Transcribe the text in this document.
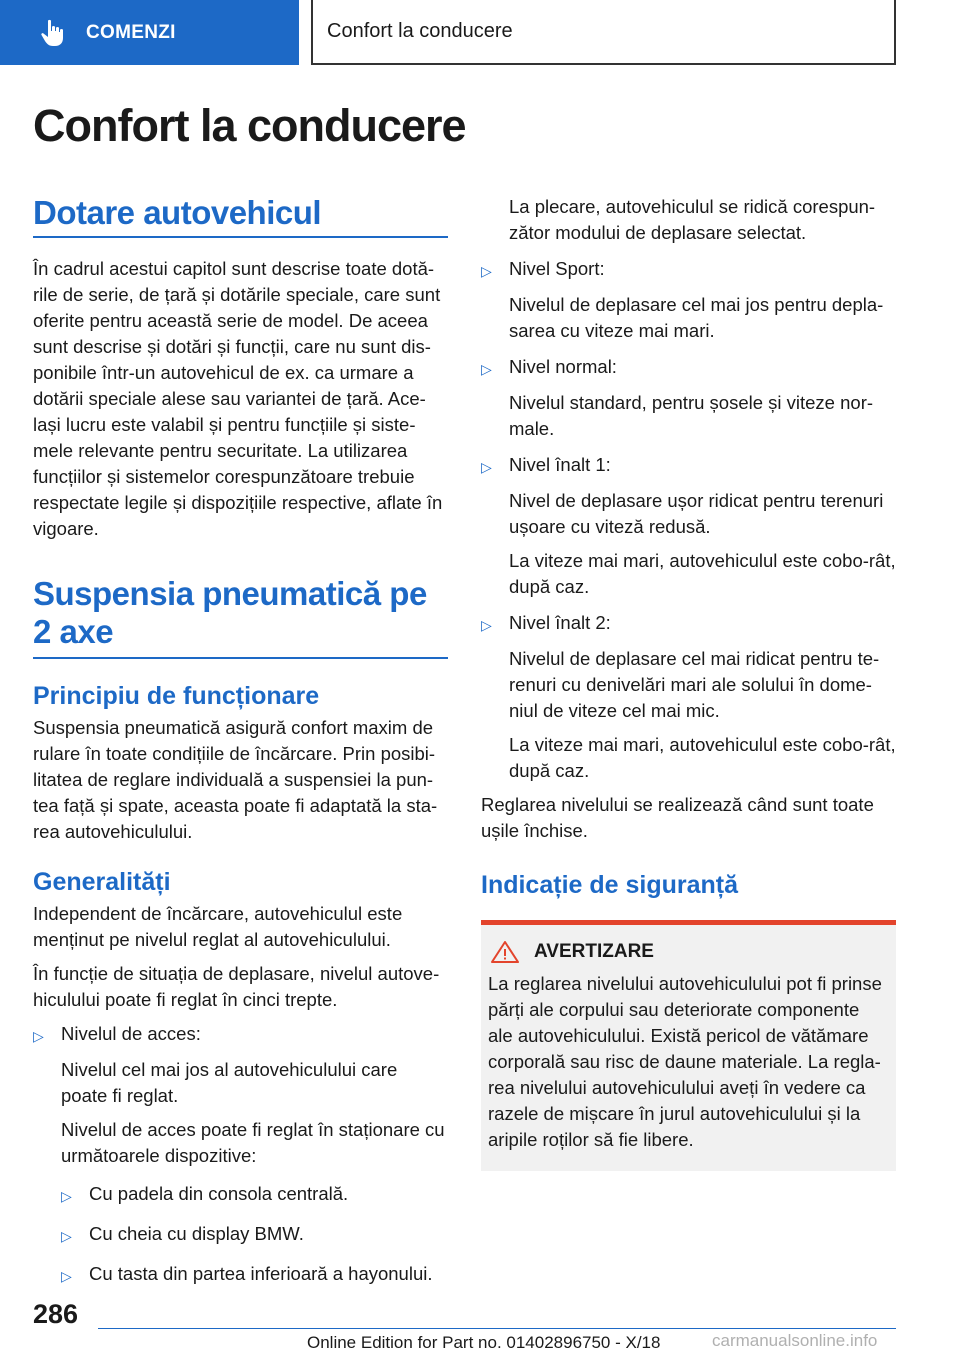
COMENZI	Confort la conducere
Confort la conducere
Dotare autovehicul

În cadrul acestui capitol sunt descrise toate dotă-rile de serie, de țară și dotările speciale, care sunt oferite pentru această serie de model. De aceea sunt descrise și dotări și funcții, care nu sunt dis-ponibile într-un autovehicul de ex. ca urmare a dotării speciale alese sau variantei de țară. Ace-lași lucru este valabil și pentru funcțiile și siste-mele relevante pentru securitate. La utilizarea funcțiilor și sistemelor corespunzătoare trebuie respectate legile și dispozițiile respective, aflate în vigoare.

Suspensia pneumatică pe 2 axe
Principiu de funcționare

Suspensia pneumatică asigură confort maxim de rulare în toate condițiile de încărcare. Prin posibi-litatea de reglare individuală a suspensiei la pun-tea față și spate, aceasta poate fi adaptată la sta-rea autovehiculului.

Generalități

Independent de încărcare, autovehiculul este menținut pe nivelul reglat al autovehiculului.

În funcție de situația de deplasare, nivelul autove-hiculului poate fi reglat în cinci trepte.

▷ Nivelul de acces:

Nivelul cel mai jos al autovehiculului care poate fi reglat.

Nivelul de acces poate fi reglat în staționare cu următoarele dispozitive:

▷ Cu padela din consola centrală.
▷ Cu cheia cu display BMW.
▷ Cu tasta din partea inferioară a hayonului.

La plecare, autovehiculul se ridică corespun-zător modului de deplasare selectat.

▷ Nivel Sport:

Nivelul de deplasare cel mai jos pentru depla-sarea cu viteze mai mari.

▷ Nivel normal:

Nivelul standard, pentru șosele și viteze nor-male.

▷ Nivel înalt 1:

Nivel de deplasare ușor ridicat pentru terenuri ușoare cu viteză redusă.

La viteze mai mari, autovehiculul este cobo-rât, după caz.

▷ Nivel înalt 2:

Nivelul de deplasare cel mai ridicat pentru te-renuri cu denivelări mari ale solului în dome-niul de viteze cel mai mic.

La viteze mai mari, autovehiculul este cobo-rât, după caz.

Reglarea nivelului se realizează când sunt toate ușile închise.

Indicație de siguranță
AVERTIZARE

La reglarea nivelului autovehiculului pot fi prinse părți ale corpului sau deteriorate componente ale autovehiculului. Există pericol de vătămare corporală sau risc de daune materiale. La regla-rea nivelului autovehiculului aveți în vedere ca razele de mișcare în jurul autovehiculului și la aripile roților să fie libere.

286
Online Edition for Part no. 01402896750 - X/18	carmanualsonline.info
